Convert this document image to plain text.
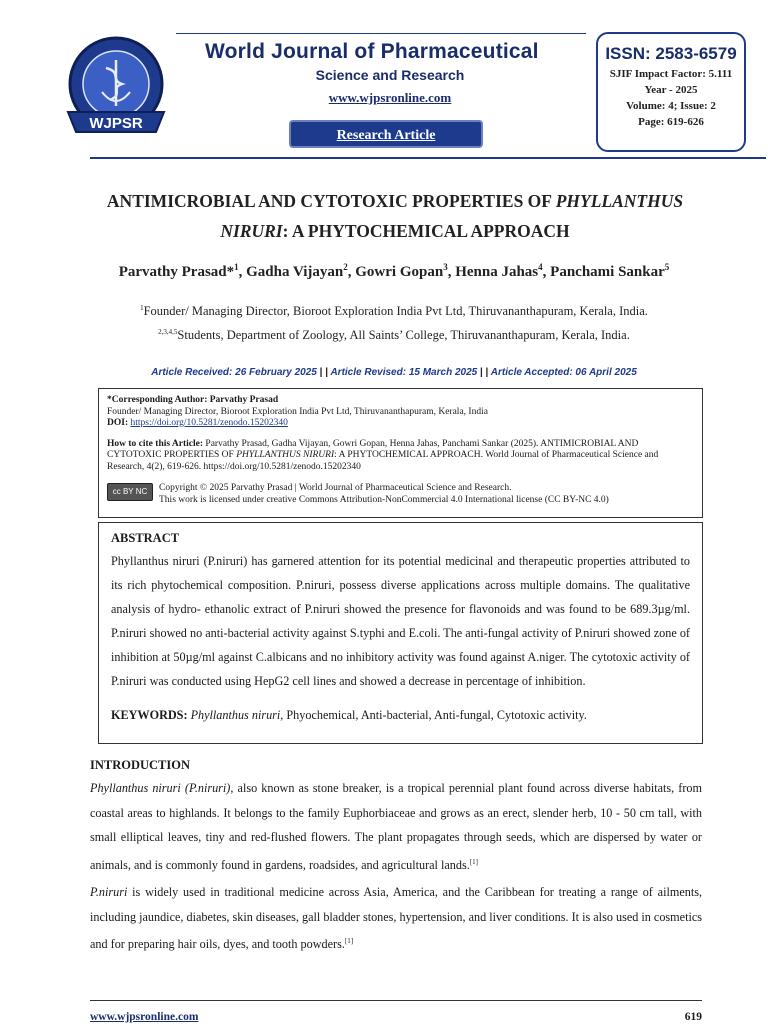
WJPSR
World Journal of Pharmaceutical
Science and Research
www.wjpsronline.com
Research Article
ISSN: 2583-6579
SJIF Impact Factor: 5.111
Year - 2025
Volume: 4; Issue: 2
Page: 619-626
ANTIMICROBIAL AND CYTOTOXIC PROPERTIES OF PHYLLANTHUS
NIRURI: A PHYTOCHEMICAL APPROACH
Parvathy Prasad*$^1$, Gadha Vijayan$^2$, Gowri Gopan$^3$, Henna Jahas$^4$, Panchami Sankar$^5$
$^1$Founder/ Managing Director, Bioroot Exploration India Pvt Ltd, Thiruvananthapuram, Kerala, India.
$^{2,3,4,5}$Students, Department of Zoology, All Saints’ College, Thiruvananthapuram, Kerala, India.
Article Received: 26 February 2025 | | Article Revised: 15 March 2025 | | Article Accepted: 06 April 2025
*Corresponding Author: Parvathy Prasad
Founder/ Managing Director, Bioroot Exploration India Pvt Ltd, Thiruvananthapuram, Kerala, India
DOI: https://doi.org/10.5281/zenodo.15202340
How to cite this Article: Parvathy Prasad, Gadha Vijayan, Gowri Gopan, Henna Jahas, Panchami Sankar (2025). ANTIMICROBIAL AND CYTOTOXIC PROPERTIES OF PHYLLANTHUS NIRURI: A PHYTOCHEMICAL APPROACH. World Journal of Pharmaceutical Science and Research, 4(2), 619-626. https://doi.org/10.5281/zenodo.15202340
cc BY NC	Copyright © 2025 Parvathy Prasad | World Journal of Pharmaceutical Science and Research.
This work is licensed under creative Commons Attribution-NonCommercial 4.0 International license (CC BY-NC 4.0)
ABSTRACT

Phyllanthus niruri (P.niruri) has garnered attention for its potential medicinal and therapeutic properties attributed to its rich phytochemical composition. P.niruri, possess diverse applications across multiple domains. The qualitative analysis of hydro- ethanolic extract of P.niruri showed the presence for flavonoids and was found to be 689.3µg/ml. P.niruri showed no anti-bacterial activity against S.typhi and E.coli. The anti-fungal activity of P.niruri showed zone of inhibition at 50µg/ml against C.albicans and no inhibitory activity was found against A.niger. The cytotoxic activity of P.niruri was conducted using HepG2 cell lines and showed a decrease in percentage of inhibition.

KEYWORDS: Phyllanthus niruri, Phyochemical, Anti-bacterial, Anti-fungal, Cytotoxic activity.
INTRODUCTION
Phyllanthus niruri (P.niruri), also known as stone breaker, is a tropical perennial plant found across diverse habitats, from coastal areas to highlands. It belongs to the family Euphorbiaceae and grows as an erect, slender herb, 10 - 50 cm tall, with small elliptical leaves, tiny and red-flushed flowers. The plant propagates through seeds, which are dispersed by water or animals, and is commonly found in gardens, roadsides, and agricultural lands.[1]
P.niruri is widely used in traditional medicine across Asia, America, and the Caribbean for treating a range of ailments, including jaundice, diabetes, skin diseases, gall bladder stones, hypertension, and liver conditions. It is also used in cosmetics and for preparing hair oils, dyes, and tooth powders.[1]
www.wjpsronline.com	619
